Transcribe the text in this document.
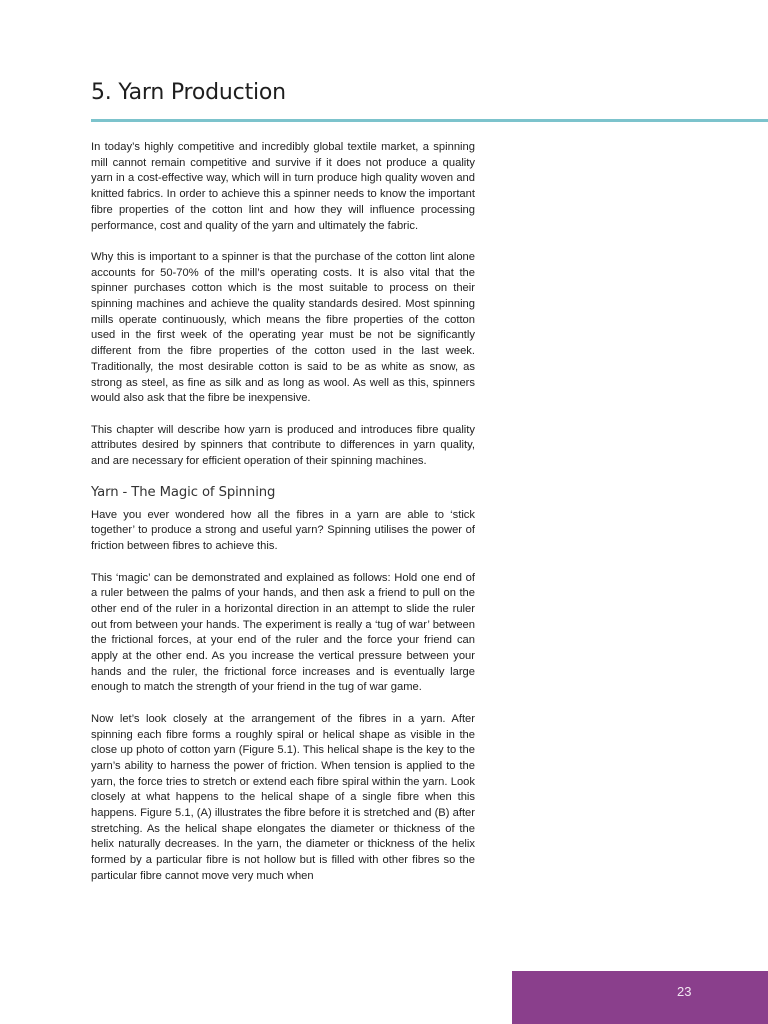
5. Yarn Production

In today’s highly competitive and incredibly global textile market, a spinning mill cannot remain competitive and survive if it does not produce a quality yarn in a cost-effective way, which will in turn produce high quality woven and knitted fabrics. In order to achieve this a spinner needs to know the important fibre properties of the cotton lint and how they will influence processing performance, cost and quality of the yarn and ultimately the fabric.

Why this is important to a spinner is that the purchase of the cotton lint alone accounts for 50-70% of the mill’s operating costs. It is also vital that the spinner purchases cotton which is the most suitable to process on their spinning machines and achieve the quality standards desired. Most spinning mills operate continuously, which means the fibre properties of the cotton used in the first week of the operating year must be not be significantly different from the fibre properties of the cotton used in the last week. Traditionally, the most desirable cotton is said to be as white as snow, as strong as steel, as fine as silk and as long as wool. As well as this, spinners would also ask that the fibre be inexpensive.

This chapter will describe how yarn is produced and introduces fibre quality attributes desired by spinners that contribute to differences in yarn quality, and are necessary for efficient operation of their spinning machines.

Yarn - The Magic of Spinning

Have you ever wondered how all the fibres in a yarn are able to ‘stick together’ to produce a strong and useful yarn? Spinning utilises the power of friction between fibres to achieve this.

This ‘magic’ can be demonstrated and explained as follows: Hold one end of a ruler between the palms of your hands, and then ask a friend to pull on the other end of the ruler in a horizontal direction in an attempt to slide the ruler out from between your hands. The experiment is really a ‘tug of war’ between the frictional forces, at your end of the ruler and the force your friend can apply at the other end. As you increase the vertical pressure between your hands and the ruler, the frictional force increases and is eventually large enough to match the strength of your friend in the tug of war game.

Now let’s look closely at the arrangement of the fibres in a yarn. After spinning each fibre forms a roughly spiral or helical shape as visible in the close up photo of cotton yarn (Figure 5.1). This helical shape is the key to the yarn’s ability to harness the power of friction. When tension is applied to the yarn, the force tries to stretch or extend each fibre spiral within the yarn. Look closely at what happens to the helical shape of a single fibre when this happens. Figure 5.1, (A) illustrates the fibre before it is stretched and (B) after stretching. As the helical shape elongates the diameter or thickness of the helix naturally decreases. In the yarn, the diameter or thickness of the helix formed by a particular fibre is not hollow but is filled with other fibres so the particular fibre cannot move very much when

23
